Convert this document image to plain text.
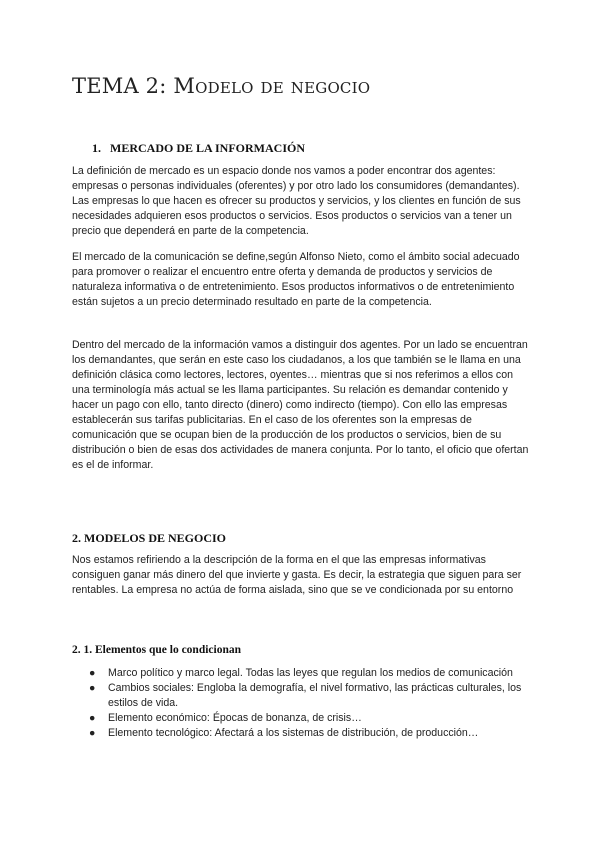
TEMA 2: Modelo de negocio
1. MERCADO DE LA INFORMACIÓN

La definición de mercado es un espacio donde nos vamos a poder encontrar dos agentes: empresas o personas individuales (oferentes) y por otro lado los consumidores (demandantes). Las empresas lo que hacen es ofrecer su productos y servicios, y los clientes en función de sus necesidades adquieren esos productos o servicios. Esos productos o servicios van a tener un precio que dependerá en parte de la competencia.

El mercado de la comunicación se define,según Alfonso Nieto, como el ámbito social adecuado para promover o realizar el encuentro entre oferta y demanda de productos y servicios de naturaleza informativa o de entretenimiento. Esos productos informativos o de entretenimiento están sujetos a un precio determinado resultado en parte de la competencia.

Dentro del mercado de la información vamos a distinguir dos agentes. Por un lado se encuentran los demandantes, que serán en este caso los ciudadanos, a los que también se le llama en una definición clásica como lectores, lectores, oyentes… mientras que si nos referimos a ellos con una terminología más actual se les llama participantes. Su relación es demandar contenido y hacer un pago con ello, tanto directo (dinero) como indirecto (tiempo). Con ello las empresas establecerán sus tarifas publicitarias. En el caso de los oferentes son la empresas de comunicación que se ocupan bien de la producción de los productos o servicios, bien de su distribución o bien de esas dos actividades de manera conjunta. Por lo tanto, el oficio que ofertan es el de informar.

2. MODELOS DE NEGOCIO

Nos estamos refiriendo a la descripción de la forma en el que las empresas informativas consiguen ganar más dinero del que invierte y gasta. Es decir, la estrategia que siguen para ser rentables. La empresa no actúa de forma aislada, sino que se ve condicionada por su entorno

2. 1. Elementos que lo condicionan
● Marco político y marco legal. Todas las leyes que regulan los medios de comunicación
● Cambios sociales: Engloba la demografía, el nivel formativo, las prácticas culturales, los estilos de vida.
● Elemento económico: Épocas de bonanza, de crisis…
● Elemento tecnológico: Afectará a los sistemas de distribución, de producción…
